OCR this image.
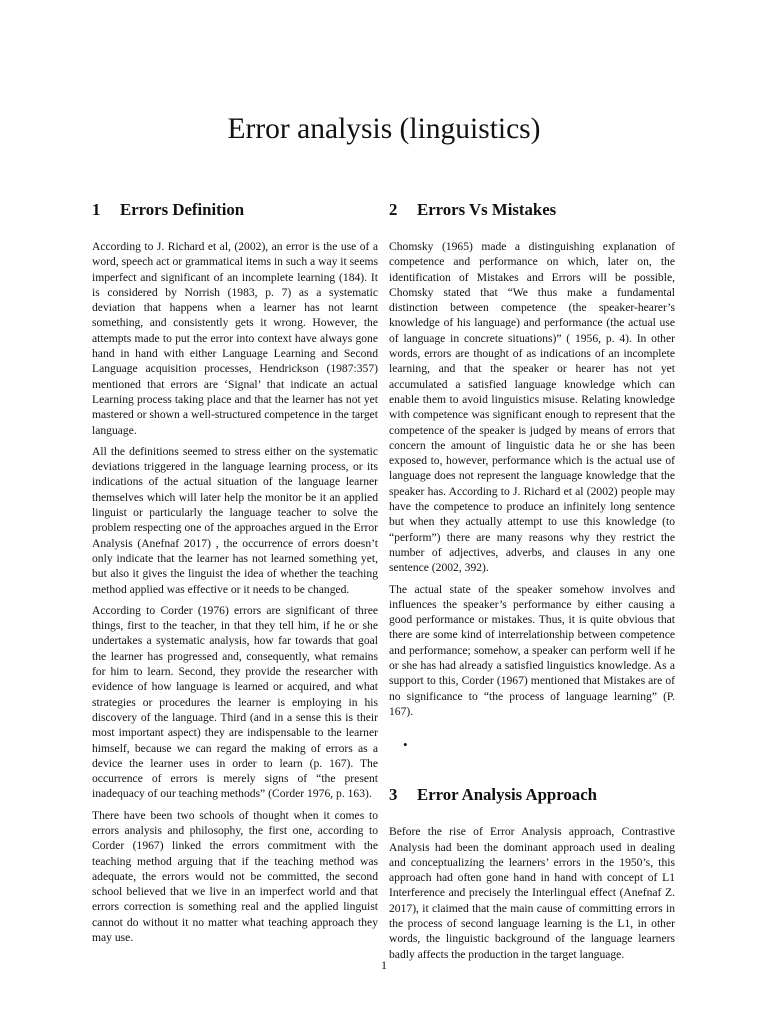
Error analysis (linguistics)
1 Errors Definition

According to J. Richard et al, (2002), an error is the use of a word, speech act or grammatical items in such a way it seems imperfect and significant of an incomplete learning (184). It is considered by Norrish (1983, p. 7) as a systematic deviation that happens when a learner has not learnt something, and consistently gets it wrong. However, the attempts made to put the error into context have always gone hand in hand with either Language Learning and Second Language acquisition processes, Hendrickson (1987:357) mentioned that errors are ‘Signal’ that indicate an actual Learning process taking place and that the learner has not yet mastered or shown a well-structured competence in the target language.

All the definitions seemed to stress either on the systematic deviations triggered in the language learning process, or its indications of the actual situation of the language learner themselves which will later help the monitor be it an applied linguist or particularly the language teacher to solve the problem respecting one of the approaches argued in the Error Analysis (Anefnaf 2017) , the occurrence of errors doesn’t only indicate that the learner has not learned something yet, but also it gives the linguist the idea of whether the teaching method applied was effective or it needs to be changed.

According to Corder (1976) errors are significant of three things, first to the teacher, in that they tell him, if he or she undertakes a systematic analysis, how far towards that goal the learner has progressed and, consequently, what remains for him to learn. Second, they provide the researcher with evidence of how language is learned or acquired, and what strategies or procedures the learner is employing in his discovery of the language. Third (and in a sense this is their most important aspect) they are indispensable to the learner himself, because we can regard the making of errors as a device the learner uses in order to learn (p. 167). The occurrence of errors is merely signs of “the present inadequacy of our teaching methods” (Corder 1976, p. 163).

There have been two schools of thought when it comes to errors analysis and philosophy, the first one, according to Corder (1967) linked the errors commitment with the teaching method arguing that if the teaching method was adequate, the errors would not be committed, the second school believed that we live in an imperfect world and that errors correction is something real and the applied linguist cannot do without it no matter what teaching approach they may use.

2 Errors Vs Mistakes

Chomsky (1965) made a distinguishing explanation of competence and performance on which, later on, the identification of Mistakes and Errors will be possible, Chomsky stated that “We thus make a fundamental distinction between competence (the speaker-hearer’s knowledge of his language) and performance (the actual use of language in concrete situations)” ( 1956, p. 4). In other words, errors are thought of as indications of an incomplete learning, and that the speaker or hearer has not yet accumulated a satisfied language knowledge which can enable them to avoid linguistics misuse. Relating knowledge with competence was significant enough to represent that the competence of the speaker is judged by means of errors that concern the amount of linguistic data he or she has been exposed to, however, performance which is the actual use of language does not represent the language knowledge that the speaker has. According to J. Richard et al (2002) people may have the competence to produce an infinitely long sentence but when they actually attempt to use this knowledge (to “perform”) there are many reasons why they restrict the number of adjectives, adverbs, and clauses in any one sentence (2002, 392).

The actual state of the speaker somehow involves and influences the speaker’s performance by either causing a good performance or mistakes. Thus, it is quite obvious that there are some kind of interrelationship between competence and performance; somehow, a speaker can perform well if he or she has had already a satisfied linguistics knowledge. As a support to this, Corder (1967) mentioned that Mistakes are of no significance to “the process of language learning” (P. 167).

•
3 Error Analysis Approach

Before the rise of Error Analysis approach, Contrastive Analysis had been the dominant approach used in dealing and conceptualizing the learners’ errors in the 1950’s, this approach had often gone hand in hand with concept of L1 Interference and precisely the Interlingual effect (Anefnaf Z. 2017), it claimed that the main cause of committing errors in the process of second language learning is the L1, in other words, the linguistic background of the language learners badly affects the production in the target language.

1
